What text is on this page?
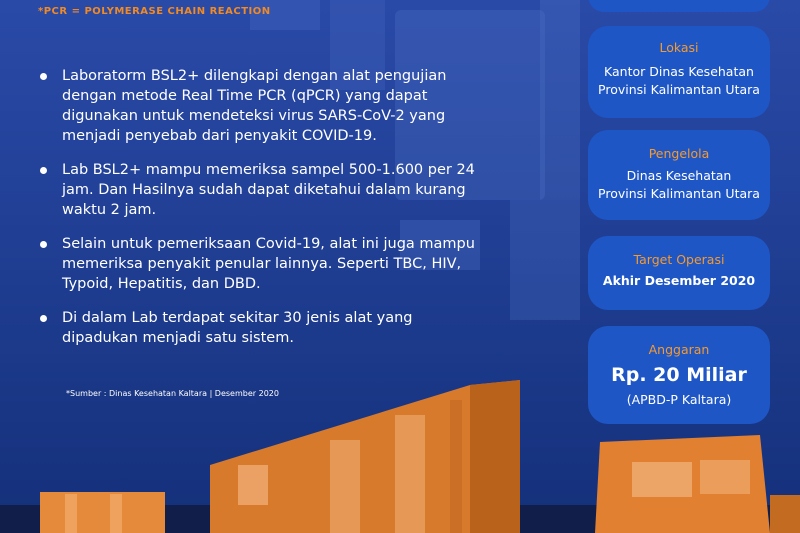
*PCR = POLYMERASE CHAIN REACTION
Laboratorm BSL2+ dilengkapi dengan alat pengujian dengan metode Real Time PCR (qPCR) yang dapat digunakan untuk mendeteksi virus SARS-CoV-2 yang menjadi penyebab dari penyakit COVID-19.
Lab BSL2+ mampu memeriksa sampel 500-1.600 per 24 jam. Dan Hasilnya sudah dapat diketahui dalam kurang waktu 2 jam.
Selain untuk pemeriksaan Covid-19, alat ini juga mampu memeriksa penyakit penular lainnya. Seperti TBC, HIV, Typoid, Hepatitis, dan DBD.
Di dalam Lab terdapat sekitar 30 jenis alat yang dipadukan menjadi satu sistem.
*Sumber : Dinas Kesehatan Kaltara | Desember 2020
Lokasi
Kantor Dinas Kesehatan
Provinsi Kalimantan Utara
Pengelola
Dinas Kesehatan
Provinsi Kalimantan Utara
Target Operasi
Akhir Desember 2020
Anggaran
Rp. 20 Miliar
(APBD-P Kaltara)
